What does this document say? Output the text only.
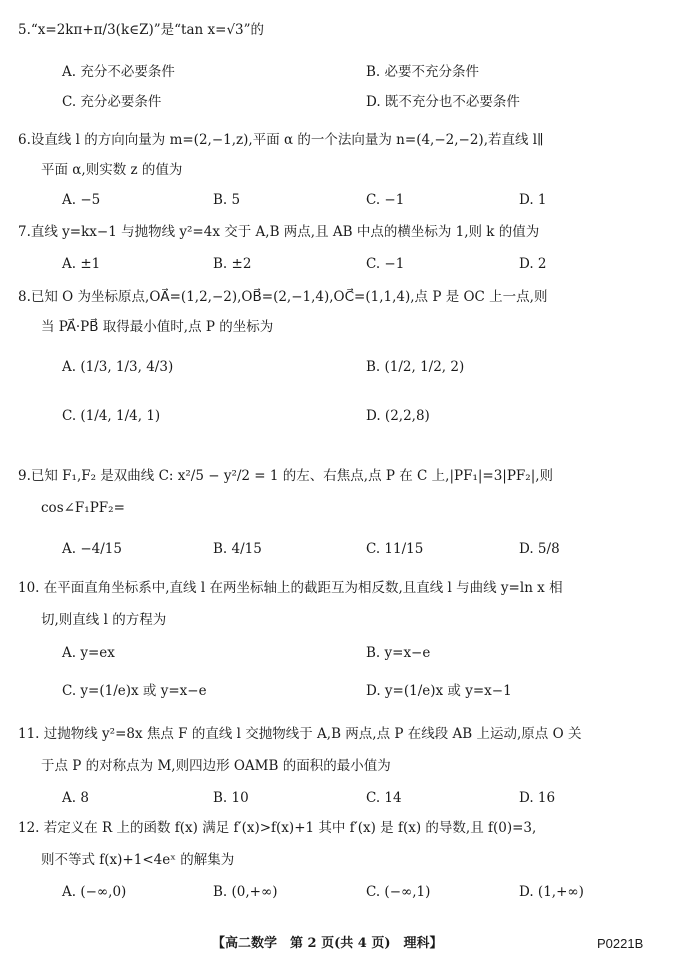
5.“x=2kπ+π/3(k∈Z)”是“tan x=√3”的
A. 充分不必要条件	B. 必要不充分条件
C. 充分必要条件	D. 既不充分也不必要条件
6.设直线 l 的方向向量为 m=(2,−1,z),平面 α 的一个法向量为 n=(4,−2,−2),若直线 l∥
平面 α,则实数 z 的值为
A. −5	B. 5	C. −1	D. 1
7.直线 y=kx−1 与抛物线 y²=4x 交于 A,B 两点,且 AB 中点的横坐标为 1,则 k 的值为
A. ±1	B. ±2	C. −1	D. 2
8.已知 O 为坐标原点,OA⃗=(1,2,−2),OB⃗=(2,−1,4),OC⃗=(1,1,4),点 P 是 OC 上一点,则
当 PA⃗·PB⃗ 取得最小值时,点 P 的坐标为
A. (1/3, 1/3, 4/3)	B. (1/2, 1/2, 2)
C. (1/4, 1/4, 1)	D. (2,2,8)
9.已知 F₁,F₂ 是双曲线 C: x²/5 − y²/2 = 1 的左、右焦点,点 P 在 C 上,|PF₁|=3|PF₂|,则
cos∠F₁PF₂=
A. −4/15	B. 4/15	C. 11/15	D. 5/8
10. 在平面直角坐标系中,直线 l 在两坐标轴上的截距互为相反数,且直线 l 与曲线 y=ln x 相
切,则直线 l 的方程为
A. y=ex	B. y=x−e
C. y=(1/e)x 或 y=x−e	D. y=(1/e)x 或 y=x−1
11. 过抛物线 y²=8x 焦点 F 的直线 l 交抛物线于 A,B 两点,点 P 在线段 AB 上运动,原点 O 关
于点 P 的对称点为 M,则四边形 OAMB 的面积的最小值为
A. 8	B. 10	C. 14	D. 16
12. 若定义在 R 上的函数 f(x) 满足 f′(x)>f(x)+1 其中 f′(x) 是 f(x) 的导数,且 f(0)=3,
则不等式 f(x)+1<4eˣ 的解集为
A. (−∞,0)	B. (0,+∞)	C. (−∞,1)	D. (1,+∞)
【高二数学　第 2 页(共 4 页)　理科】	P0221B
